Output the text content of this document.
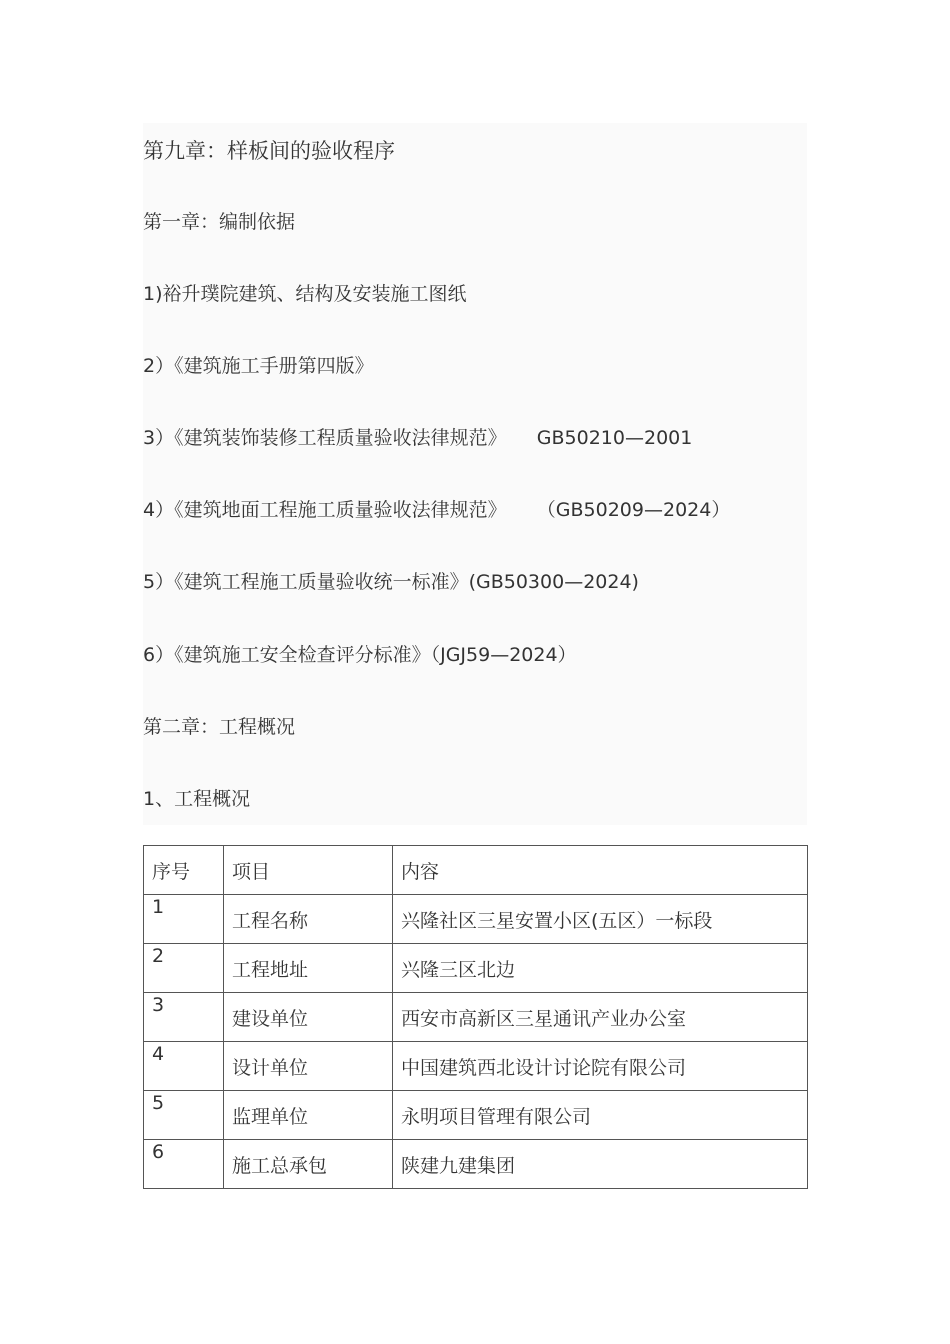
第九章：样板间的验收程序
第一章：编制依据
1)裕升璞院建筑、结构及安装施工图纸
2）《建筑施工手册第四版》
3）《建筑装饰装修工程质量验收法律规范》     GB50210—2001
4）《建筑地面工程施工质量验收法律规范》     （GB50209—2024）
5）《建筑工程施工质量验收统一标准》(GB50300—2024)
6）《建筑施工安全检查评分标准》（JGJ59—2024）
第二章：工程概况
1、工程概况
序号	项目	内容
1	工程名称	兴隆社区三星安置小区(五区）一标段
2	工程地址	兴隆三区北边
3	建设单位	西安市高新区三星通讯产业办公室
4	设计单位	中国建筑西北设计讨论院有限公司
5	监理单位	永明项目管理有限公司
6	施工总承包	陕建九建集团
